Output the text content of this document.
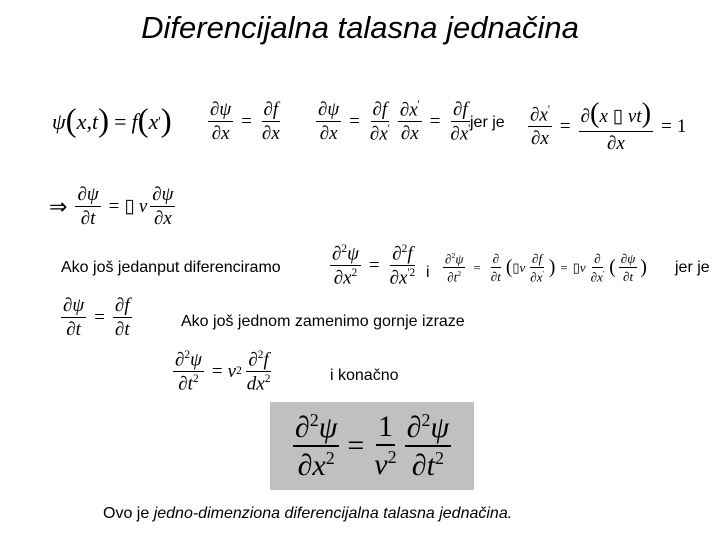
Diferencijalna talasna jednačina
ψ ( x , t ) = f ( x ' ) $\frac{\partial\psi}{\partial x} = \frac{\partial f}{\partial x} \frac{\partial\psi}{\partial x} = \frac{\partial f}{\partial x'} \frac{\partial x'}{\partial x} = \frac{\partial f}{\partial x'}$
jer je $\frac{\partial x'}{\partial x} = \frac{\partial(x ▯ vt)}{\partial x} = 1$
⇒ $\frac{\partial\psi}{\partial t}$ = ▯ v $\frac{\partial\psi}{\partial x}$
Ako još jedanput diferenciramo	$\frac{\partial^2\psi}{\partial x^2} = \frac{\partial^2f}{\partial x^{'2}}$ i $\frac{\partial^2\psi}{\partial t^2} = \frac{\partial}{\partial t}$ ( ▯ v $\frac{\partial f}{\partial x'}$ ) = ▯ v $\frac{\partial}{\partial x'}$ ( $\frac{\partial\psi}{\partial t}$ ) jer je
$\frac{\partial\psi}{\partial t} = \frac{\partial f}{\partial t}$	Ako još jednom zamenimo gornje izraze
$\frac{\partial^2\psi}{\partial t^2} = v$ $2 \frac{\partial^2f}{dx^2}$	i konačno
$\frac{\partial^2\psi}{\partial x^2} = \frac{1}{v^2} \frac{\partial^2\psi}{\partial t^2}$
Ovo je jedno-dimenziona diferencijalna talasna jednačina.
